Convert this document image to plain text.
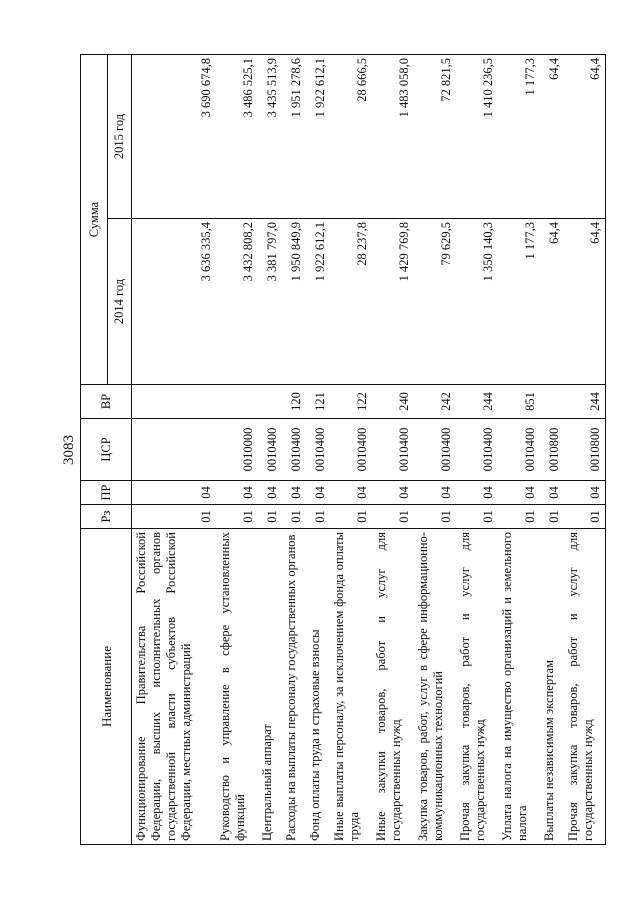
3083
Наименование	Рз	ПР	ЦСР	ВР	Сумма	
					2014 год	2015 год
Функционирование Правительства Российской Федерации, высших исполнительных органов государственной власти субъектов Российской Федерации, местных администраций	01	04			3 636 335,4	3 690 674,8
Руководство и управление в сфере установленных функций	01	04	0010000		3 432 808,2	3 486 525,1
Центральный аппарат	01	04	0010400		3 381 797,0	3 435 513,9
Расходы на выплаты персоналу государственных органов	01	04	0010400	120	1 950 849,9	1 951 278,6
Фонд оплаты труда и страховые взносы	01	04	0010400	121	1 922 612,1	1 922 612,1
Иные выплаты персоналу, за исключением фонда оплаты труда	01	04	0010400	122	28 237,8	28 666,5
Иные закупки товаров, работ и услуг для государственных нужд	01	04	0010400	240	1 429 769,8	1 483 058,0
Закупка товаров, работ, услуг в сфере информационно-коммуникационных технологий	01	04	0010400	242	79 629,5	72 821,5
Прочая закупка товаров, работ и услуг для государственных нужд	01	04	0010400	244	1 350 140,3	1 410 236,5
Уплата налога на имущество организаций и земельного налога	01	04	0010400	851	1 177,3	1 177,3
Выплаты независимым экспертам	01	04	0010800		64,4	64,4
Прочая закупка товаров, работ и услуг для государственных нужд	01	04	0010800	244	64,4	64,4
